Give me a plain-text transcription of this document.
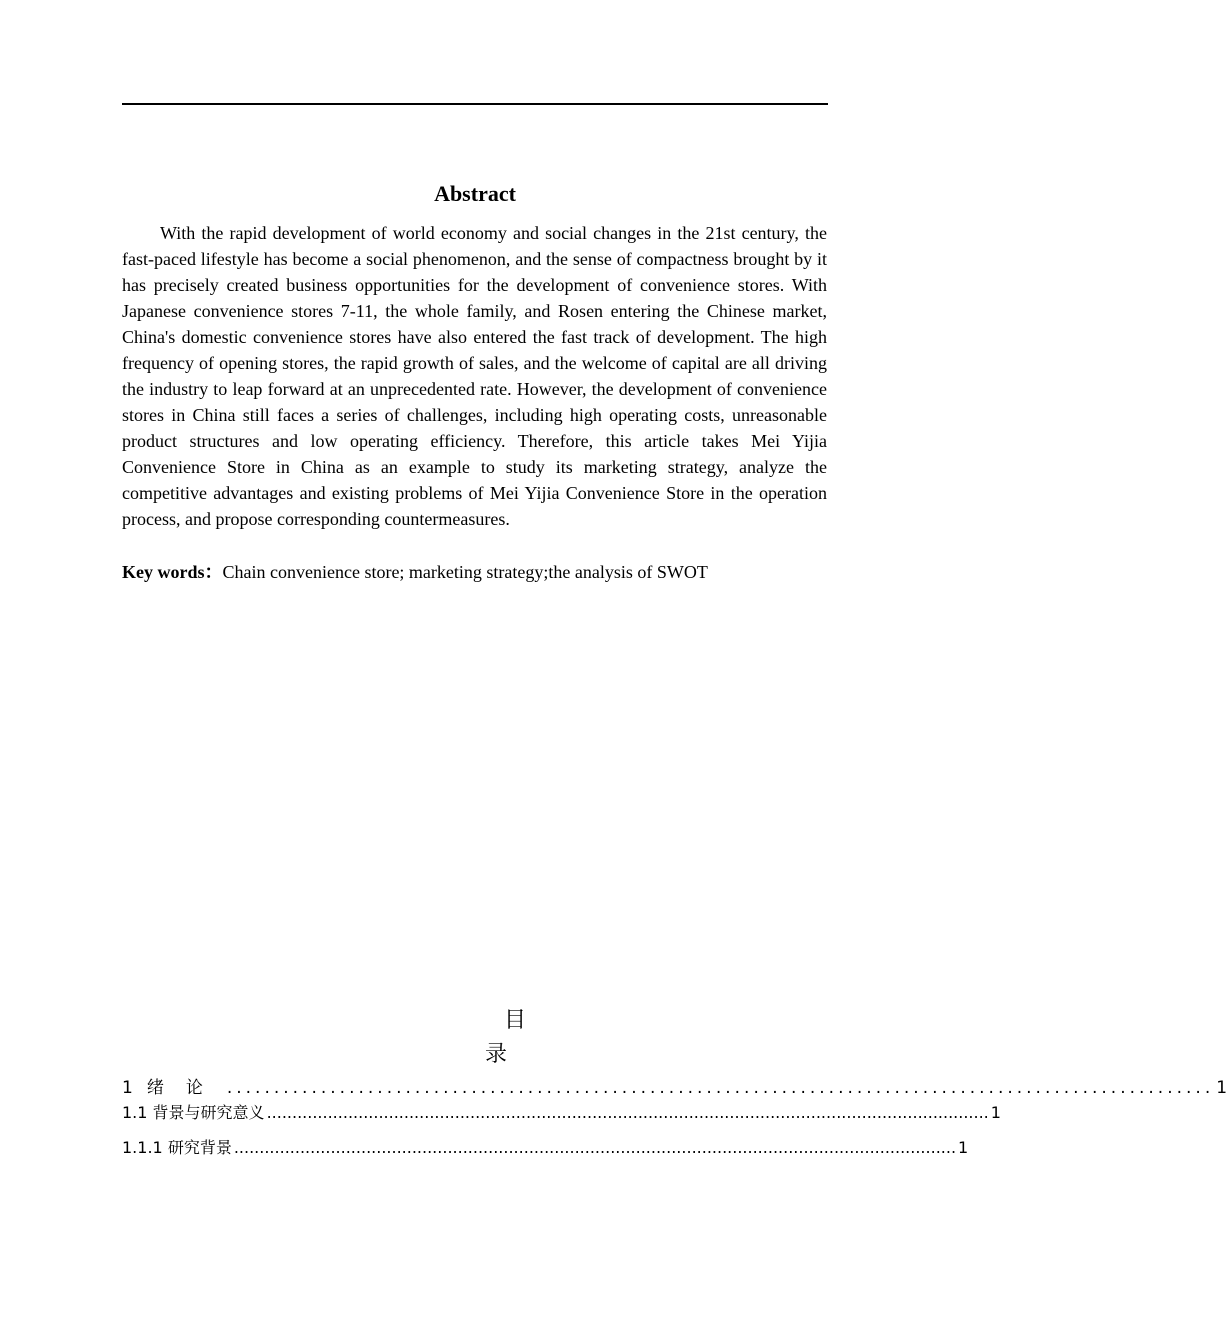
Abstract

With the rapid development of world economy and social changes in the 21st century, the fast-paced lifestyle has become a social phenomenon, and the sense of compactness brought by it has precisely created business opportunities for the development of convenience stores. With Japanese convenience stores 7-11, the whole family, and Rosen entering the Chinese market, China's domestic convenience stores have also entered the fast track of development. The high frequency of opening stores, the rapid growth of sales, and the welcome of capital are all driving the industry to leap forward at an unprecedented rate. However, the development of convenience stores in China still faces a series of challenges, including high operating costs, unreasonable product structures and low operating efficiency. Therefore, this article takes Mei Yijia Convenience Store in China as an example to study its marketing strategy, analyze the competitive advantages and existing problems of Mei Yijia Convenience Store in the operation process, and propose corresponding countermeasures.

Key words：Chain convenience store; marketing strategy;the analysis of SWOT
目录
1 绪论 ......................................................................................................... 1
1.1
背景与研究意义 .............................................................................................................................................. 1
1.1.1
研究背景 .............................................................................................................................................. 1
